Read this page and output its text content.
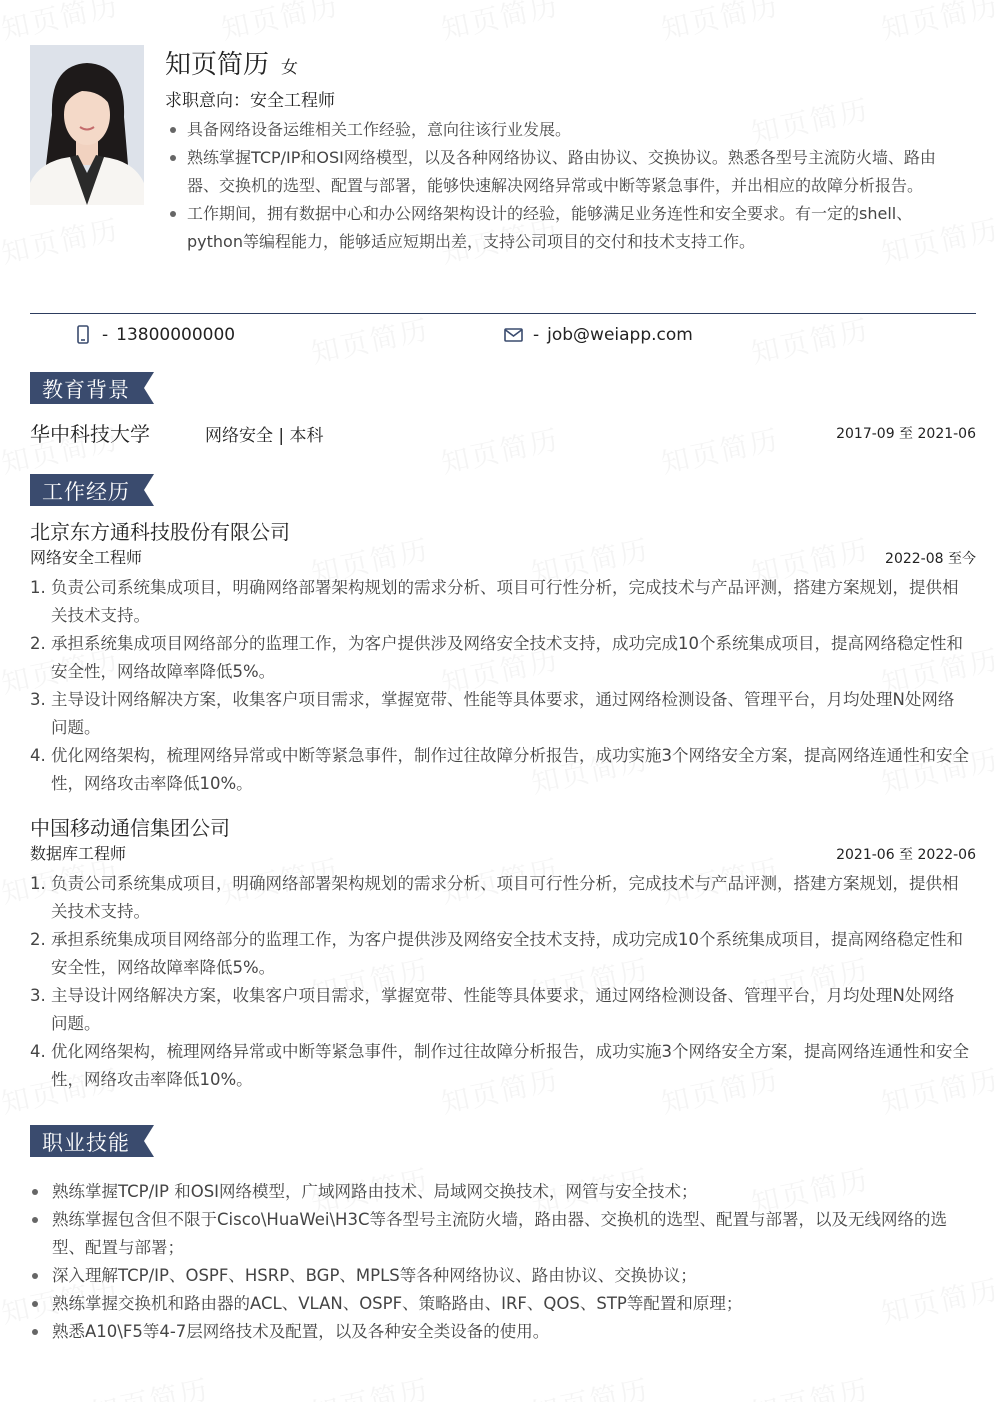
知页简历 女
求职意向：安全工程师
具备网络设备运维相关工作经验，意向往该行业发展。
熟练掌握TCP/IP和OSI网络模型，以及各种网络协议、路由协议、交换协议。熟悉各型号主流防火墙、路由器、交换机的选型、配置与部署，能够快速解决网络异常或中断等紧急事件，并出相应的故障分析报告。
工作期间，拥有数据中心和办公网络架构设计的经验，能够满足业务连性和安全要求。有一定的shell、python等编程能力，能够适应短期出差，支持公司项目的交付和技术支持工作。
- 13800000000	- job@weiapp.com
教育背景
华中科技大学	网络安全 | 本科	2017-09 至 2021-06
工作经历
北京东方通科技股份有限公司
网络安全工程师	2022-08 至今
1. 负责公司系统集成项目，明确网络部署架构规划的需求分析、项目可行性分析，完成技术与产品评测，搭建方案规划，提供相关技术支持。
2. 承担系统集成项目网络部分的监理工作，为客户提供涉及网络安全技术支持，成功完成10个系统集成项目，提高网络稳定性和安全性，网络故障率降低5%。
3. 主导设计网络解决方案，收集客户项目需求，掌握宽带、性能等具体要求，通过网络检测设备、管理平台，月均处理N处网络问题。
4. 优化网络架构，梳理网络异常或中断等紧急事件，制作过往故障分析报告，成功实施3个网络安全方案，提高网络连通性和安全性，网络攻击率降低10%。
中国移动通信集团公司
数据库工程师	2021-06 至 2022-06
1. 负责公司系统集成项目，明确网络部署架构规划的需求分析、项目可行性分析，完成技术与产品评测，搭建方案规划，提供相关技术支持。
2. 承担系统集成项目网络部分的监理工作，为客户提供涉及网络安全技术支持，成功完成10个系统集成项目，提高网络稳定性和安全性，网络故障率降低5%。
3. 主导设计网络解决方案，收集客户项目需求，掌握宽带、性能等具体要求，通过网络检测设备、管理平台，月均处理N处网络问题。
4. 优化网络架构，梳理网络异常或中断等紧急事件，制作过往故障分析报告，成功实施3个网络安全方案，提高网络连通性和安全性，网络攻击率降低10%。
职业技能
熟练掌握TCP/IP 和OSI网络模型，广域网路由技术、局域网交换技术，网管与安全技术；
熟练掌握包含但不限于Cisco\HuaWei\H3C等各型号主流防火墙，路由器、交换机的选型、配置与部署，以及无线网络的选型、配置与部署；
深入理解TCP/IP、OSPF、HSRP、BGP、MPLS等各种网络协议、路由协议、交换协议；
熟练掌握交换机和路由器的ACL、VLAN、OSPF、策略路由、IRF、QOS、STP等配置和原理；
熟悉A10\F5等4-7层网络技术及配置，以及各种安全类设备的使用。
